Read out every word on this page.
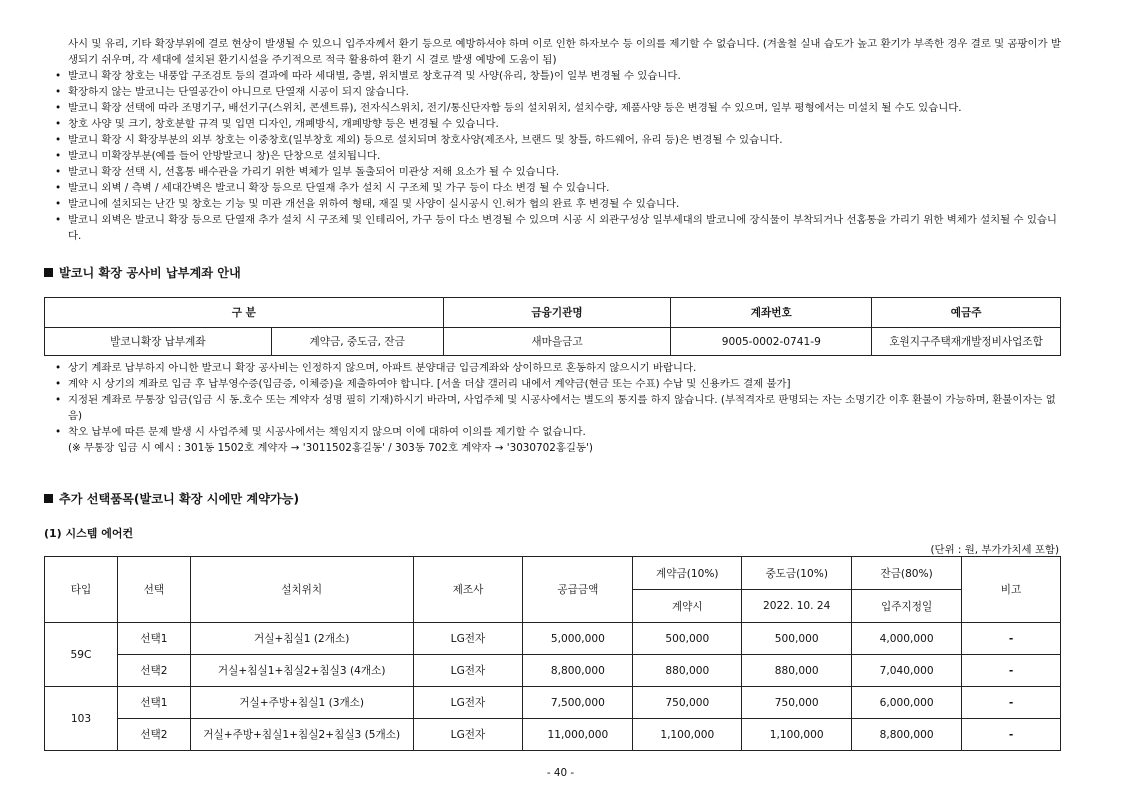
사시 및 유리, 기타 확장부위에 결로 현상이 발생될 수 있으니 입주자께서 환기 등으로 예방하셔야 하며 이로 인한 하자보수 등 이의를 제기할 수 없습니다. (겨울철 실내 습도가 높고 환기가 부족한 경우 결로 및 곰팡이가 발생되기 쉬우며, 각 세대에 설치된 환기시설을 주기적으로 적극 활용하여 환기 시 결로 발생 예방에 도움이 됨)
• 발코니 확장 창호는 내풍압 구조검토 등의 결과에 따라 세대별, 층별, 위치별로 창호규격 및 사양(유리, 창틀)이 일부 변경될 수 있습니다.
• 확장하지 않는 발코니는 단열공간이 아니므로 단열재 시공이 되지 않습니다.
• 발코니 확장 선택에 따라 조명기구, 배선기구(스위치, 콘센트류), 전자식스위치, 전기/통신단자함 등의 설치위치, 설치수량, 제품사양 등은 변경될 수 있으며, 일부 평형에서는 미설치 될 수도 있습니다.
• 창호 사양 및 크기, 창호분할 규격 및 입면 디자인, 개폐방식, 개폐방향 등은 변경될 수 있습니다.
• 발코니 확장 시 확장부분의 외부 창호는 이중창호(일부창호 제외) 등으로 설치되며 창호사양(제조사, 브랜드 및 창틀, 하드웨어, 유리 등)은 변경될 수 있습니다.
• 발코니 미확장부분(예를 들어 안방발코니 창)은 단창으로 설치됩니다.
• 발코니 확장 선택 시, 선홈통 배수관을 가리기 위한 벽체가 일부 돌출되어 미관상 저해 요소가 될 수 있습니다.
• 발코니 외벽 / 측벽 / 세대간벽은 발코니 확장 등으로 단열재 추가 설치 시 구조체 및 가구 등이 다소 변경 될 수 있습니다.
• 발코니에 설치되는 난간 및 창호는 기능 및 미관 개선을 위하여 형태, 재질 및 사양이 실시공시 인.허가 협의 완료 후 변경될 수 있습니다.
• 발코니 외벽은 발코니 확장 등으로 단열재 추가 설치 시 구조체 및 인테리어, 가구 등이 다소 변경될 수 있으며 시공 시 외관구성상 일부세대의 발코니에 장식물이 부착되거나 선홈통을 가리기 위한 벽체가 설치될 수 있습니다.
발코니 확장 공사비 납부계좌 안내
구 분		금융기관명	계좌번호	예금주
발코니확장 납부계좌	계약금, 중도금, 잔금	새마을금고	9005-0002-0741-9	호원지구주택재개발정비사업조합
• 상기 계좌로 납부하지 아니한 발코니 확장 공사비는 인정하지 않으며, 아파트 분양대금 입금계좌와 상이하므로 혼동하지 않으시기 바랍니다.
• 계약 시 상기의 계좌로 입금 후 납부영수증(입금증, 이체증)을 제출하여야 합니다. [서울 더샵 갤러리 내에서 계약금(현금 또는 수표) 수납 및 신용카드 결제 불가]
• 지정된 계좌로 무통장 입금(입금 시 동.호수 또는 계약자 성명 필히 기재)하시기 바라며, 사업주체 및 시공사에서는 별도의 통지를 하지 않습니다. (부적격자로 판명되는 자는 소명기간 이후 환불이 가능하며, 환불이자는 없음)
• 착오 납부에 따른 문제 발생 시 사업주체 및 시공사에서는 책임지지 않으며 이에 대하여 이의를 제기할 수 없습니다.
(※ 무통장 입금 시 예시 : 301동 1502호 계약자 → '3011502홍길동' / 303동 702호 계약자 → '3030702홍길동')
추가 선택품목(발코니 확장 시에만 계약가능)
(1) 시스템 에어컨
(단위 : 원, 부가가치세 포함)
타입	선택	설치위치	제조사	공급금액	계약금(10%)	중도금(10%)	잔금(80%)	비고
					계약시	2022. 10. 24	입주지정일	
59C	선택1	거실+침실1 (2개소)	LG전자	5,000,000	500,000	500,000	4,000,000	-
	선택2	거실+침실1+침실2+침실3 (4개소)	LG전자	8,800,000	880,000	880,000	7,040,000	-
103	선택1	거실+주방+침실1 (3개소)	LG전자	7,500,000	750,000	750,000	6,000,000	-
	선택2	거실+주방+침실1+침실2+침실3 (5개소)	LG전자	11,000,000	1,100,000	1,100,000	8,800,000	-
- 40 -
